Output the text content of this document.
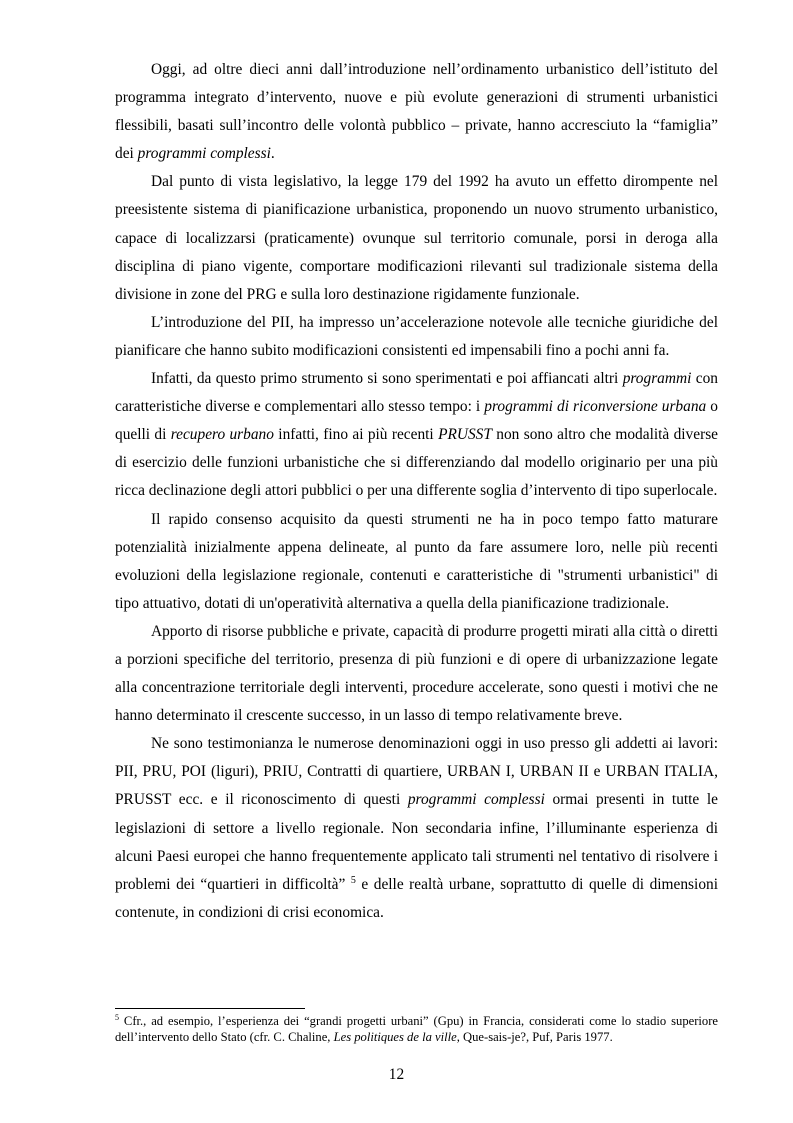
Oggi, ad oltre dieci anni dall’introduzione nell’ordinamento urbanistico dell’istituto del programma integrato d’intervento, nuove e più evolute generazioni di strumenti urbanistici flessibili, basati sull’incontro delle volontà pubblico – private, hanno accresciuto la “famiglia” dei programmi complessi.

Dal punto di vista legislativo, la legge 179 del 1992 ha avuto un effetto dirompente nel preesistente sistema di pianificazione urbanistica, proponendo un nuovo strumento urbanistico, capace di localizzarsi (praticamente) ovunque sul territorio comunale, porsi in deroga alla disciplina di piano vigente, comportare modificazioni rilevanti sul tradizionale sistema della divisione in zone del PRG e sulla loro destinazione rigidamente funzionale.

L’introduzione del PII, ha impresso un’accelerazione notevole alle tecniche giuridiche del pianificare che hanno subito modificazioni consistenti ed impensabili fino a pochi anni fa.

Infatti, da questo primo strumento si sono sperimentati e poi affiancati altri programmi con caratteristiche diverse e complementari allo stesso tempo: i programmi di riconversione urbana o quelli di recupero urbano infatti, fino ai più recenti PRUSST non sono altro che modalità diverse di esercizio delle funzioni urbanistiche che si differenziando dal modello originario per una più ricca declinazione degli attori pubblici o per una differente soglia d’intervento di tipo superlocale.

Il rapido consenso acquisito da questi strumenti ne ha in poco tempo fatto maturare potenzialità inizialmente appena delineate, al punto da fare assumere loro, nelle più recenti evoluzioni della legislazione regionale, contenuti e caratteristiche di "strumenti urbanistici" di tipo attuativo, dotati di un'operatività alternativa a quella della pianificazione tradizionale.

Apporto di risorse pubbliche e private, capacità di produrre progetti mirati alla città o diretti a porzioni specifiche del territorio, presenza di più funzioni e di opere di urbanizzazione legate alla concentrazione territoriale degli interventi, procedure accelerate, sono questi i motivi che ne hanno determinato il crescente successo, in un lasso di tempo relativamente breve.

Ne sono testimonianza le numerose denominazioni oggi in uso presso gli addetti ai lavori: PII, PRU, POI (liguri), PRIU, Contratti di quartiere, URBAN I, URBAN II e URBAN ITALIA, PRUSST ecc. e il riconoscimento di questi programmi complessi ormai presenti in tutte le legislazioni di settore a livello regionale. Non secondaria infine, l’illuminante esperienza di alcuni Paesi europei che hanno frequentemente applicato tali strumenti nel tentativo di risolvere i problemi dei “quartieri in difficoltà” $^5$ e delle realtà urbane, soprattutto di quelle di dimensioni contenute, in condizioni di crisi economica.

$^5$ Cfr., ad esempio, l’esperienza dei “grandi progetti urbani” (Gpu) in Francia, considerati come lo stadio superiore dell’intervento dello Stato (cfr. C. Chaline, Les politiques de la ville, Que-sais-je?, Puf, Paris 1977.

12
